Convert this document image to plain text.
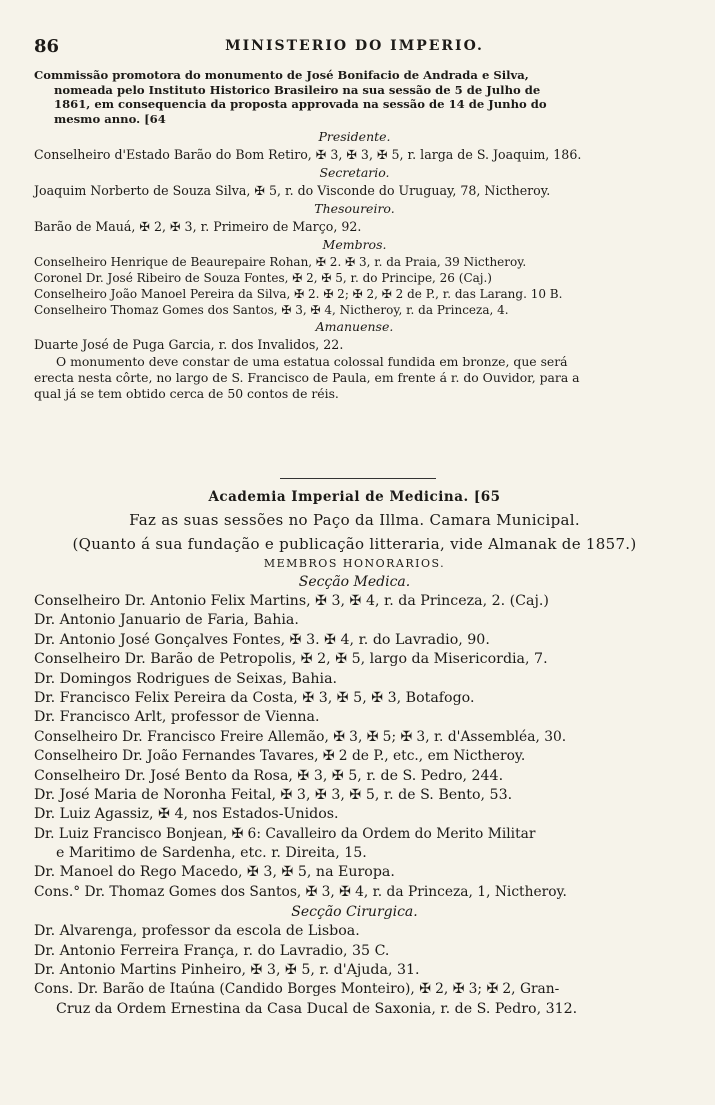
86	MINISTERIO DO IMPERIO.
Commissão promotora do monumento de José Bonifacio de Andrada e Silva,
nomeada pelo Instituto Historico Brasileiro na sua sessão de 5 de Julho de
1861, em consequencia da proposta approvada na sessão de 14 de Junho do
mesmo anno. [64
Presidente.
Conselheiro d'Estado Barão do Bom Retiro, ✠ 3, ✠ 3, ✠ 5, r. larga de S. Joaquim, 186.
Secretario.
Joaquim Norberto de Souza Silva, ✠ 5, r. do Visconde do Uruguay, 78, Nictheroy.
Thesoureiro.
Barão de Mauá, ✠ 2, ✠ 3, r. Primeiro de Março, 92.
Membros.
Conselheiro Henrique de Beaurepaire Rohan, ✠ 2. ✠ 3, r. da Praia, 39 Nictheroy.
Coronel Dr. José Ribeiro de Souza Fontes, ✠ 2, ✠ 5, r. do Principe, 26 (Caj.)
Conselheiro João Manoel Pereira da Silva, ✠ 2. ✠ 2; ✠ 2, ✠ 2 de P., r. das Larang. 10 B.
Conselheiro Thomaz Gomes dos Santos, ✠ 3, ✠ 4, Nictheroy, r. da Princeza, 4.
Amanuense.
Duarte José de Puga Garcia, r. dos Invalidos, 22.
O monumento deve constar de uma estatua colossal fundida em bronze, que será
erecta nesta côrte, no largo de S. Francisco de Paula, em frente á r. do Ouvidor, para a
qual já se tem obtido cerca de 50 contos de réis.
Academia Imperial de Medicina. [65
Faz as suas sessões no Paço da Illma. Camara Municipal.
(Quanto á sua fundação e publicação litteraria, vide Almanak de 1857.)
MEMBROS HONORARIOS.
Secção Medica.
Conselheiro Dr. Antonio Felix Martins, ✠ 3, ✠ 4, r. da Princeza, 2. (Caj.)
Dr. Antonio Januario de Faria, Bahia.
Dr. Antonio José Gonçalves Fontes, ✠ 3. ✠ 4, r. do Lavradio, 90.
Conselheiro Dr. Barão de Petropolis, ✠ 2, ✠ 5, largo da Misericordia, 7.
Dr. Domingos Rodrigues de Seixas, Bahia.
Dr. Francisco Felix Pereira da Costa, ✠ 3, ✠ 5, ✠ 3, Botafogo.
Dr. Francisco Arlt, professor de Vienna.
Conselheiro Dr. Francisco Freire Allemão, ✠ 3, ✠ 5; ✠ 3, r. d'Assembléa, 30.
Conselheiro Dr. João Fernandes Tavares, ✠ 2 de P., etc., em Nictheroy.
Conselheiro Dr. José Bento da Rosa, ✠ 3, ✠ 5, r. de S. Pedro, 244.
Dr. José Maria de Noronha Feital, ✠ 3, ✠ 3, ✠ 5, r. de S. Bento, 53.
Dr. Luiz Agassiz, ✠ 4, nos Estados-Unidos.
Dr. Luiz Francisco Bonjean, ✠ 6: Cavalleiro da Ordem do Merito Militar
e Maritimo de Sardenha, etc. r. Direita, 15.
Dr. Manoel do Rego Macedo, ✠ 3, ✠ 5, na Europa.
Cons.° Dr. Thomaz Gomes dos Santos, ✠ 3, ✠ 4, r. da Princeza, 1, Nictheroy.
Secção Cirurgica.
Dr. Alvarenga, professor da escola de Lisboa.
Dr. Antonio Ferreira França, r. do Lavradio, 35 C.
Dr. Antonio Martins Pinheiro, ✠ 3, ✠ 5, r. d'Ajuda, 31.
Cons. Dr. Barão de Itaúna (Candido Borges Monteiro), ✠ 2, ✠ 3; ✠ 2, Gran-
Cruz da Ordem Ernestina da Casa Ducal de Saxonia, r. de S. Pedro, 312.
